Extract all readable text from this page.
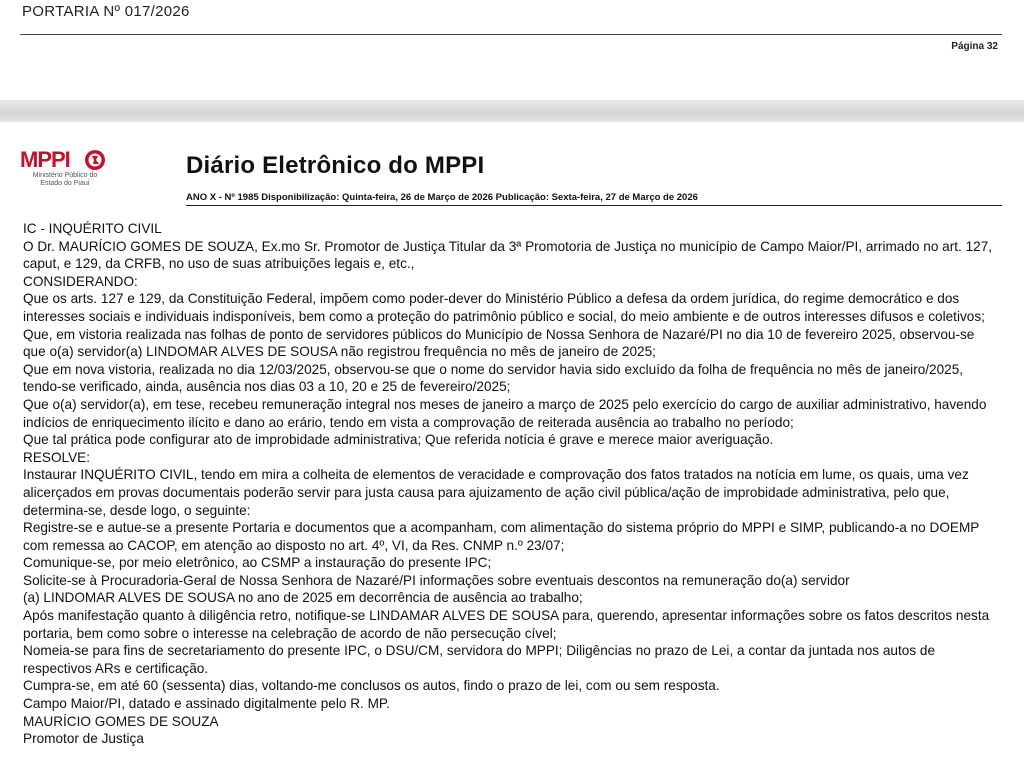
PORTARIA Nº 017/2026
Página 32
MPPI
Ministério Público do Estado do Piauí
Diário Eletrônico do MPPI
ANO X - Nº 1985 Disponibilização: Quinta-feira, 26 de Março de 2026 Publicação: Sexta-feira, 27 de Março de 2026

IC - INQUÉRITO CIVIL

O Dr. MAURÍCIO GOMES DE SOUZA, Ex.mo Sr. Promotor de Justiça Titular da 3ª Promotoria de Justiça no município de Campo Maior/PI, arrimado no art. 127, caput, e 129, da CRFB, no uso de suas atribuições legais e, etc.,

CONSIDERANDO:

Que os arts. 127 e 129, da Constituição Federal, impõem como poder-dever do Ministério Público a defesa da ordem jurídica, do regime democrático e dos interesses sociais e individuais indisponíveis, bem como a proteção do patrimônio público e social, do meio ambiente e de outros interesses difusos e coletivos;

Que, em vistoria realizada nas folhas de ponto de servidores públicos do Município de Nossa Senhora de Nazaré/PI no dia 10 de fevereiro 2025, observou-se que o(a) servidor(a) LINDOMAR ALVES DE SOUSA não registrou frequência no mês de janeiro de 2025;

Que em nova vistoria, realizada no dia 12/03/2025, observou-se que o nome do servidor havia sido excluído da folha de frequência no mês de janeiro/2025, tendo-se verificado, ainda, ausência nos dias 03 a 10, 20 e 25 de fevereiro/2025;

Que o(a) servidor(a), em tese, recebeu remuneração integral nos meses de janeiro a março de 2025 pelo exercício do cargo de auxiliar administrativo, havendo indícios de enriquecimento ilícito e dano ao erário, tendo em vista a comprovação de reiterada ausência ao trabalho no período;

Que tal prática pode configurar ato de improbidade administrativa; Que referida notícia é grave e merece maior averiguação.

RESOLVE:

Instaurar INQUÉRITO CIVIL, tendo em mira a colheita de elementos de veracidade e comprovação dos fatos tratados na notícia em lume, os quais, uma vez alicerçados em provas documentais poderão servir para justa causa para ajuizamento de ação civil pública/ação de improbidade administrativa, pelo que, determina-se, desde logo, o seguinte:

Registre-se e autue-se a presente Portaria e documentos que a acompanham, com alimentação do sistema próprio do MPPI e SIMP, publicando-a no DOEMP com remessa ao CACOP, em atenção ao disposto no art. 4º, VI, da Res. CNMP n.º 23/07;

Comunique-se, por meio eletrônico, ao CSMP a instauração do presente IPC;

Solicite-se à Procuradoria-Geral de Nossa Senhora de Nazaré/PI informações sobre eventuais descontos na remuneração do(a) servidor

(a) LINDOMAR ALVES DE SOUSA no ano de 2025 em decorrência de ausência ao trabalho;

Após manifestação quanto à diligência retro, notifique-se LINDAMAR ALVES DE SOUSA para, querendo, apresentar informações sobre os fatos descritos nesta portaria, bem como sobre o interesse na celebração de acordo de não persecução cível;

Nomeia-se para fins de secretariamento do presente IPC, o DSU/CM, servidora do MPPI; Diligências no prazo de Lei, a contar da juntada nos autos de respectivos ARs e certificação.

Cumpra-se, em até 60 (sessenta) dias, voltando-me conclusos os autos, findo o prazo de lei, com ou sem resposta.

Campo Maior/PI, datado e assinado digitalmente pelo R. MP.

MAURÍCIO GOMES DE SOUZA

Promotor de Justiça
